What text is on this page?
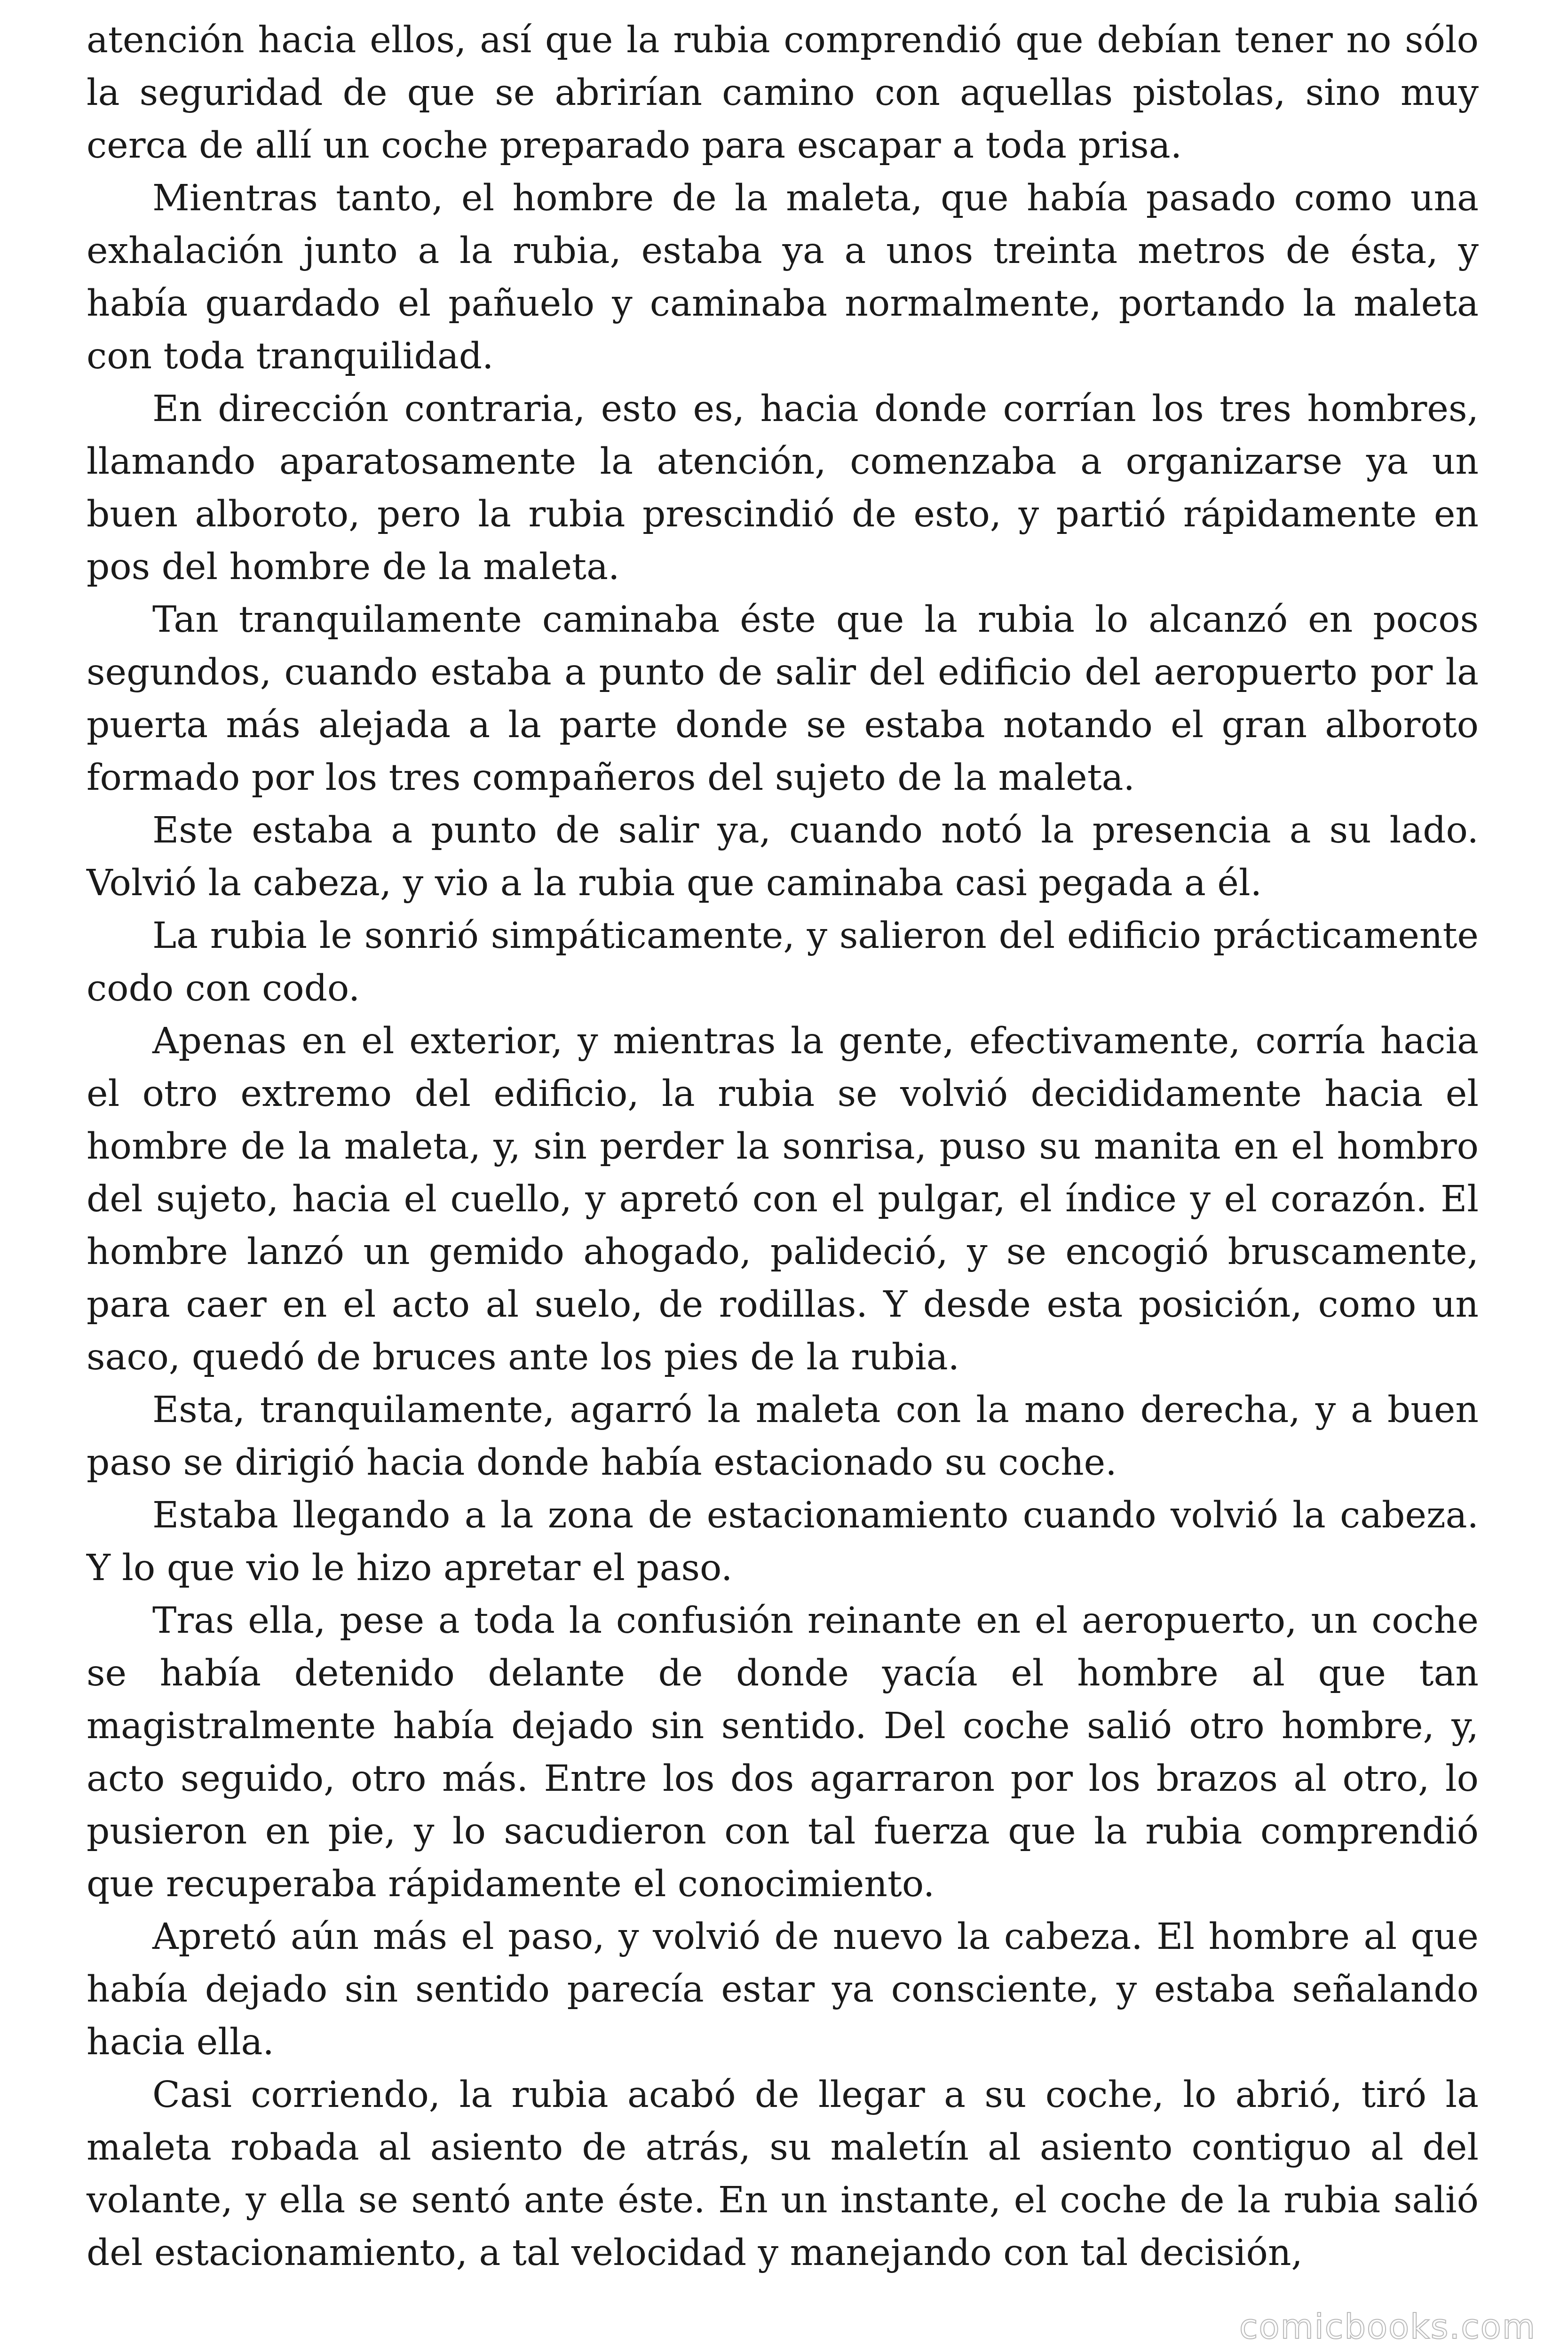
atención hacia ellos, así que la rubia comprendió que debían tener no sólo la seguridad de que se abrirían camino con aquellas pistolas, sino muy cerca de allí un coche preparado para escapar a toda prisa.

Mientras tanto, el hombre de la maleta, que había pasado como una exhalación junto a la rubia, estaba ya a unos treinta metros de ésta, y había guardado el pañuelo y caminaba normalmente, portando la maleta con toda tranquilidad.

En dirección contraria, esto es, hacia donde corrían los tres hombres, llamando aparatosamente la atención, comenzaba a organizarse ya un buen alboroto, pero la rubia prescindió de esto, y partió rápidamente en pos del hombre de la maleta.

Tan tranquilamente caminaba éste que la rubia lo alcanzó en pocos segundos, cuando estaba a punto de salir del edificio del aeropuerto por la puerta más alejada a la parte donde se estaba notando el gran alboroto formado por los tres compañeros del sujeto de la maleta.

Este estaba a punto de salir ya, cuando notó la presencia a su lado. Volvió la cabeza, y vio a la rubia que caminaba casi pegada a él.

La rubia le sonrió simpáticamente, y salieron del edificio prácticamente codo con codo.

Apenas en el exterior, y mientras la gente, efectivamente, corría hacia el otro extremo del edificio, la rubia se volvió decididamente hacia el hombre de la maleta, y, sin perder la sonrisa, puso su manita en el hombro del sujeto, hacia el cuello, y apretó con el pulgar, el índice y el corazón. El hombre lanzó un gemido ahogado, palideció, y se encogió bruscamente, para caer en el acto al suelo, de rodillas. Y desde esta posición, como un saco, quedó de bruces ante los pies de la rubia.

Esta, tranquilamente, agarró la maleta con la mano derecha, y a buen paso se dirigió hacia donde había estacionado su coche.

Estaba llegando a la zona de estacionamiento cuando volvió la cabeza. Y lo que vio le hizo apretar el paso.

Tras ella, pese a toda la confusión reinante en el aeropuerto, un coche se había detenido delante de donde yacía el hombre al que tan magistralmente había dejado sin sentido. Del coche salió otro hombre, y, acto seguido, otro más. Entre los dos agarraron por los brazos al otro, lo pusieron en pie, y lo sacudieron con tal fuerza que la rubia comprendió que recuperaba rápidamente el conocimiento.

Apretó aún más el paso, y volvió de nuevo la cabeza. El hombre al que había dejado sin sentido parecía estar ya consciente, y estaba señalando hacia ella.

Casi corriendo, la rubia acabó de llegar a su coche, lo abrió, tiró la maleta robada al asiento de atrás, su maletín al asiento contiguo al del volante, y ella se sentó ante éste. En un instante, el coche de la rubia salió del estacionamiento, a tal velocidad y manejando con tal decisión,

comicbooks.com
